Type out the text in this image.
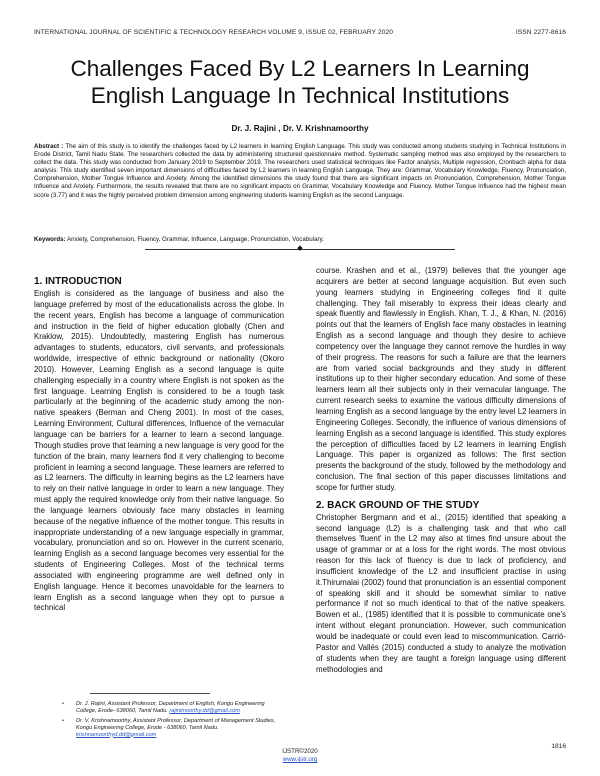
INTERNATIONAL JOURNAL OF SCIENTIFIC & TECHNOLOGY RESEARCH VOLUME 9, ISSUE 02, FEBRUARY 2020	ISSN 2277-8616
Challenges Faced By L2 Learners In Learning
English Language In Technical Institutions
Dr. J. Rajini , Dr. V. Krishnamoorthy
Abstract : The aim of this study is to identify the challenges faced by L2 learners in learning English Language. This study was conducted among students studying in Technical Institutions in Erode District, Tamil Nadu State. The researchers collected the data by administering structured questionnaire method. Systematic sampling method was also employed by the researchers to collect the data. This study was conducted from January 2019 to September 2019. The researchers used statistical techniques like Factor analysis, Multiple regression, Cronbach alpha for data analysis. This study identified seven important dimensions of difficulties faced by L2 learners in learning English Language. They are: Grammar, Vocabulary Knowledge, Fluency, Pronunciation, Comprehension, Mother Tongue Influence and Anxiety. Among the identified dimensions the study found that there are significant impacts on Pronunciation, Comprehension, Mother Tongue Influence and Anxiety. Furthermore, the results revealed that there are no significant impacts on Grammar, Vocabulary Knowledge and Fluency. Mother Tongue Influence had the highest mean score (3.77) and it was the highly perceived problem dimension among engineering students learning English as the second Language.
Keywords: Anxiety, Comprehension, Fluency, Grammar, Influence, Language, Pronunciation, Vocabulary.
◆
1. INTRODUCTION

English is considered as the language of business and also the language preferred by most of the educationalists across the globe. In the recent years, English has become a language of communication and instruction in the field of higher education globally (Chen and Kraklow, 2015). Undoubtedly, mastering English has numerous advantages to students, educators, civil servants, and professionals worldwide, irrespective of ethnic background or nationality (Okoro 2010). However, Learning English as a second language is quite challenging especially in a country where English is not spoken as the first language. Learning English is considered to be a tough task particularly at the beginning of the academic study among the non-native speakers (Berman and Cheng 2001). In most of the cases, Learning Environment, Cultural differences, Influence of the vernacular language can be barriers for a learner to learn a second language. Though studies prove that learning a new language is very good for the function of the brain, many learners find it very challenging to become proficient in learning a second language. These learners are referred to as L2 learners. The difficulty in learning begins as the L2 learners have to rely on their native language in order to learn a new language. They must apply the required knowledge only from their native language. So the language learners obviously face many obstacles in learning because of the negative influence of the mother tongue. This results in inappropriate understanding of a new language especially in grammar, vocabulary, pronunciation and so on. However in the current scenario, learning English as a second language becomes very essential for the students of Engineering Colleges. Most of the technical terms associated with engineering programme are well defined only in English language. Hence it becomes unavoidable for the learners to learn English as a second language when they opt to pursue a technical

course. Krashen and et al., (1979) believes that the younger age acquirers are better at second language acquisition. But even such young learners studying in Engineering colleges find it quite challenging. They fail miserably to express their ideas clearly and speak fluently and flawlessly in English. Khan, T. J., & Khan, N. (2016) points out that the learners of English face many obstacles in learning English as a second language and though they desire to achieve competency over the language they cannot remove the hurdles in way of their progress. The reasons for such a failure are that the learners are from varied social backgrounds and they study in different institutions up to their higher secondary education. And some of these learners learn all their subjects only in their vernacular language. The current research seeks to examine the various difficulty dimensions of learning English as a second language by the entry level L2 learners in Engineering Colleges. Secondly, the influence of various dimensions of learning English as a second language is identified. This study explores the perception of difficulties faced by L2 learners in learning English Language. This paper is organized as follows: The first section presents the background of the study, followed by the methodology and conclusion. The final section of this paper discusses limitations and scope for further study.

2. BACK GROUND OF THE STUDY

Christopher Bergmann and et al., (2015) identified that speaking a second language (L2) is a challenging task and that who call themselves 'fluent' in the L2 may also at times find unsure about the usage of grammar or at a loss for the right words. The most obvious reason for this lack of fluency is due to lack of proficiency, and insufficient knowledge of the L2 and insufficient practise in using it.Thirumalai (2002) found that pronunciation is an essential component of speaking skill and it should be somewhat similar to native performance if not so much identical to that of the native speakers. Bowen et al., (1985) identified that it is possible to communicate one's intent without elegant pronunciation. However, such communication would be inadequate or could even lead to miscommunication. Carrió-Pastor and Vallés (2015) conducted a study to analyze the motivation of students when they are taught a foreign language using different methodologies and

• Dr. J. Rajini, Assistant Professor, Department of English, Kongu Engineering College, Erode- 638060, Tamil Nadu. rajinimoorthy.dd@gmail.com
• Dr. V. Krishnamoorthy, Assistant Professor, Department of Management Studies, Kongu Engineering College, Erode - 638060, Tamil Nadu. krishnamoorthyd.dd@gmail.com
IJSTR©2020
www.ijstr.org
1816
